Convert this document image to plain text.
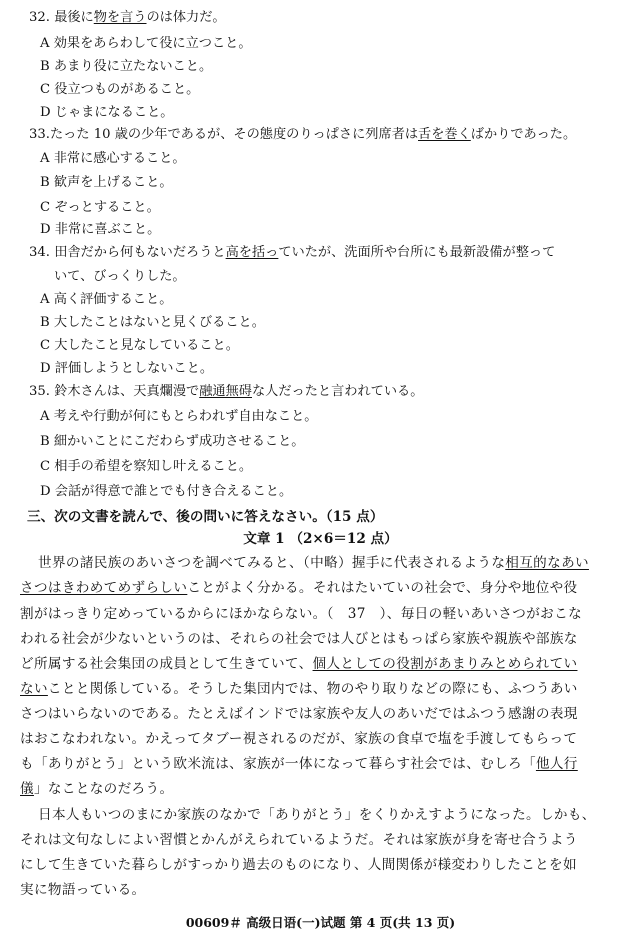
32. 最後に物を言うのは体力だ。
A 効果をあらわして役に立つこと。
B あまり役に立たないこと。
C 役立つものがあること。
D じゃまになること。
33.たった 10 歳の少年であるが、その態度のりっぱさに列席者は舌を巻くばかりであった。
A 非常に感心すること。
B 歓声を上げること。
C ぞっとすること。
D 非常に喜ぶこと。
34. 田舎だから何もないだろうと高を括っていたが、洗面所や台所にも最新設備が整って
いて、びっくりした。
A 高く評価すること。
B 大したことはないと見くびること。
C 大したこと見なしていること。
D 評価しようとしないこと。
35. 鈴木さんは、天真爛漫で融通無碍な人だったと言われている。
A 考えや行動が何にもとらわれず自由なこと。
B 細かいことにこだわらず成功させること。
C 相手の希望を察知し叶えること。
D 会話が得意で誰とでも付き合えること。
三、次の文書を読んで、後の問いに答えなさい。（15 点）
文章 1 （2×6＝12 点）
世界の諸民族のあいさつを調べてみると、（中略）握手に代表されるような相互的なあい
さつはきわめてめずらしいことがよく分かる。それはたいていの社会で、身分や地位や役
割がはっきり定めっているからにほかならない。（　37　）、毎日の軽いあいさつがおこな
われる社会が少ないというのは、それらの社会では人びとはもっぱら家族や親族や部族な
ど所属する社会集団の成員として生きていて、個人としての役割があまりみとめられてい
ないことと関係している。そうした集団内では、物のやり取りなどの際にも、ふつうあい
さつはいらないのである。たとえばインドでは家族や友人のあいだではふつう感謝の表現
はおこなわれない。かえってタブー視されるのだが、家族の食卓で塩を手渡してもらって
も「ありがとう」という欧米流は、家族が一体になって暮らす社会では、むしろ「他人行
儀」なことなのだろう。
日本人もいつのまにか家族のなかで「ありがとう」をくりかえすようになった。しかも、
それは文句なしによい習慣とかんがえられているようだ。それは家族が身を寄せ合うよう
にして生きていた暮らしがすっかり過去のものになり、人間関係が様変わりしたことを如
実に物語っている。
00609＃ 高级日语(一)试题 第 4 页(共 13 页)
